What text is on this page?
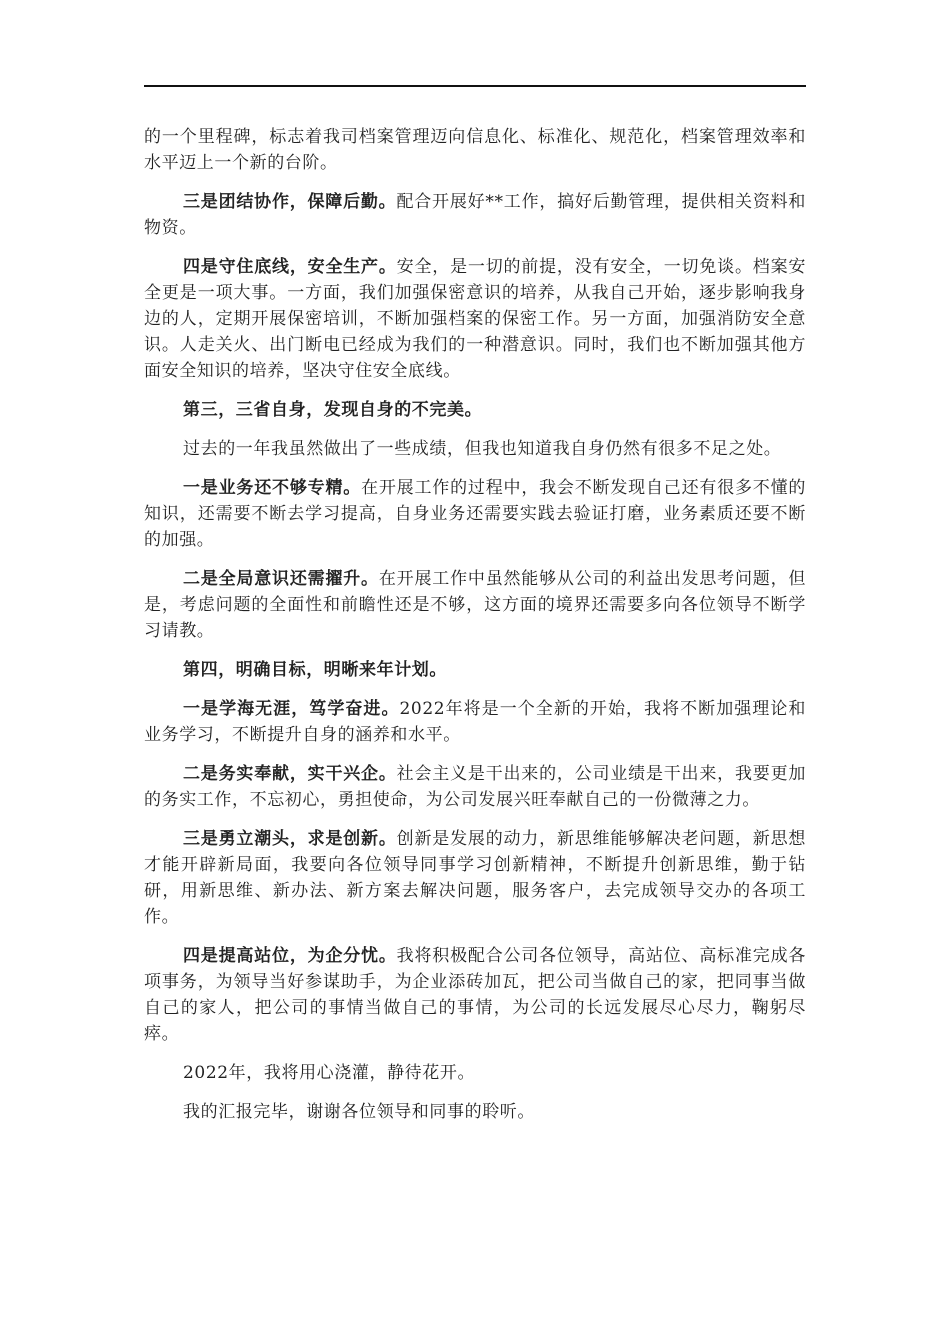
的一个里程碑，标志着我司档案管理迈向信息化、标准化、规范化，档案管理效率和水平迈上一个新的台阶。

三是团结协作，保障后勤。配合开展好**工作，搞好后勤管理，提供相关资料和物资。

四是守住底线，安全生产。安全，是一切的前提，没有安全，一切免谈。档案安全更是一项大事。一方面，我们加强保密意识的培养，从我自己开始，逐步影响我身边的人，定期开展保密培训，不断加强档案的保密工作。另一方面，加强消防安全意识。人走关火、出门断电已经成为我们的一种潜意识。同时，我们也不断加强其他方面安全知识的培养，坚决守住安全底线。

第三，三省自身，发现自身的不完美。

过去的一年我虽然做出了一些成绩，但我也知道我自身仍然有很多不足之处。

一是业务还不够专精。在开展工作的过程中，我会不断发现自己还有很多不懂的知识，还需要不断去学习提高，自身业务还需要实践去验证打磨，业务素质还要不断的加强。

二是全局意识还需擢升。在开展工作中虽然能够从公司的利益出发思考问题，但是，考虑问题的全面性和前瞻性还是不够，这方面的境界还需要多向各位领导不断学习请教。

第四，明确目标，明晰来年计划。

一是学海无涯，笃学奋进。2022年将是一个全新的开始，我将不断加强理论和业务学习，不断提升自身的涵养和水平。

二是务实奉献，实干兴企。社会主义是干出来的，公司业绩是干出来，我要更加的务实工作，不忘初心，勇担使命，为公司发展兴旺奉献自己的一份微薄之力。

三是勇立潮头，求是创新。创新是发展的动力，新思维能够解决老问题，新思想才能开辟新局面，我要向各位领导同事学习创新精神，不断提升创新思维，勤于钻研，用新思维、新办法、新方案去解决问题，服务客户，去完成领导交办的各项工作。

四是提高站位，为企分忧。我将积极配合公司各位领导，高站位、高标准完成各项事务，为领导当好参谋助手，为企业添砖加瓦，把公司当做自己的家，把同事当做自己的家人，把公司的事情当做自己的事情，为公司的长远发展尽心尽力，鞠躬尽瘁。

2022年，我将用心浇灌，静待花开。

我的汇报完毕，谢谢各位领导和同事的聆听。
